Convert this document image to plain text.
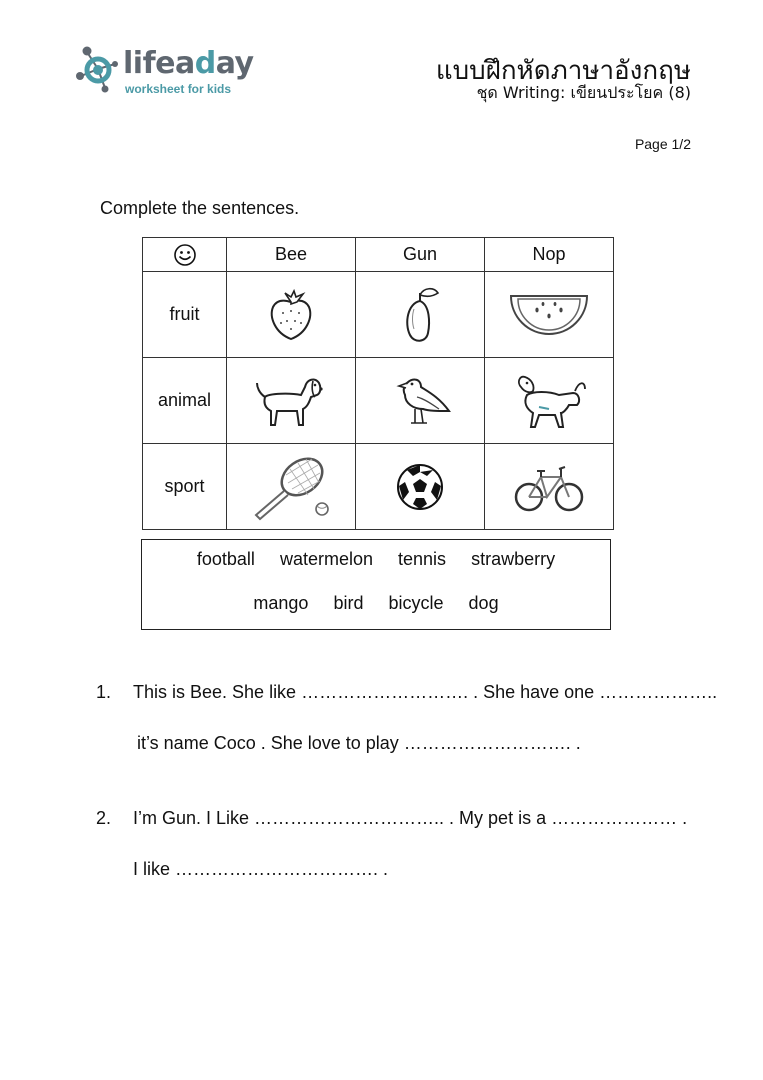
lifeaday
worksheet for kids
แบบฝึกหัดภาษาอังกฤษ
ชุด Writing: เขียนประโยค (8)
Page 1/2
Complete the sentences.
	Bee	Gun	Nop
fruit	

animal	

sport	

football watermelon tennis strawberry
mango bird bicycle dog
1. This is Bee. She like ………………………. . She have one ………………..
it’s name Coco . She love to play ………………………. .
2. I’m Gun. I Like ………………………….. . My pet is a ………………… .
I like ……………………………. .
